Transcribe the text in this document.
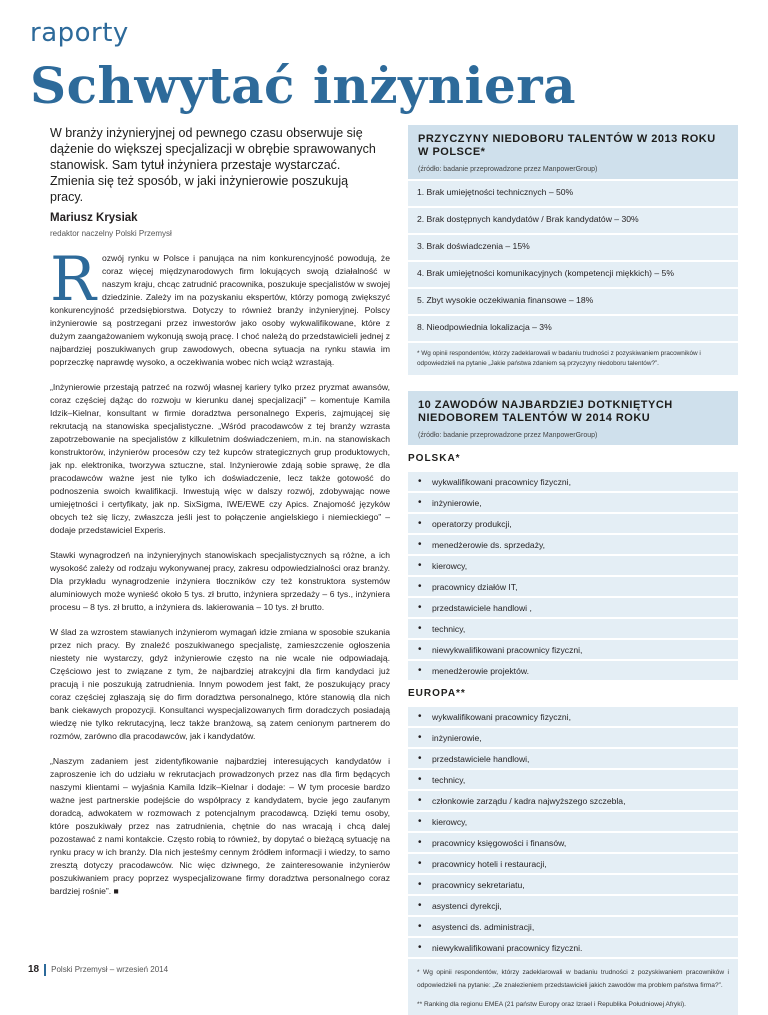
raporty
Schwytać inżyniera
W branży inżynieryjnej od pewnego czasu obserwuje się dążenie do większej specjalizacji w obrębie sprawowanych stanowisk. Sam tytuł inżyniera przestaje wystarczać. Zmienia się też sposób, w jaki inżynierowie poszukują pracy.
Mariusz Krysiak
redaktor naczelny Polski Przemysł

Rozwój rynku w Polsce i panująca na nim konkurencyjność powodują, że coraz więcej międzynarodowych firm lokujących swoją działalność w naszym kraju, chcąc zatrudnić pracownika, poszukuje specjalistów w swojej dziedzinie. Zależy im na pozyskaniu ekspertów, którzy pomogą zwiększyć konkurencyjność przedsiębiorstwa. Dotyczy to również branży inżynieryjnej. Polscy inżynierowie są postrzegani przez inwestorów jako osoby wykwalifikowane, które z dużym zaangażowaniem wykonują swoją pracę. I choć należą do przedstawicieli jednej z najbardziej poszukiwanych grup zawodowych, obecna sytuacja na rynku stawia im poprzeczkę naprawdę wysoko, a oczekiwania wobec nich wciąż wzrastają.

„Inżynierowie przestają patrzeć na rozwój własnej kariery tylko przez pryzmat awansów, coraz częściej dążąc do rozwoju w kierunku danej specjalizacji” – komentuje Kamila Idzik–Kielnar, konsultant w firmie doradztwa personalnego Experis, zajmującej się rekrutacją na stanowiska specjalistyczne. „Wśród pracodawców z tej branży wzrasta zapotrzebowanie na specjalistów z kilkuletnim doświadczeniem, m.in. na stanowiskach konstruktorów, inżynierów procesów czy też kupców strategicznych grup produktowych, jak np. elektronika, tworzywa sztuczne, stal. Inżynierowie zdają sobie sprawę, że dla pracodawców ważne jest nie tylko ich doświadczenie, lecz także gotowość do podnoszenia swoich kwalifikacji. Inwestują więc w dalszy rozwój, zdobywając nowe umiejętności i certyfikaty, jak np. SixSigma, IWE/EWE czy Apics. Znajomość języków obcych też się liczy, zwłaszcza jeśli jest to połączenie angielskiego i niemieckiego” – dodaje przedstawiciel Experis.

Stawki wynagrodzeń na inżynieryjnych stanowiskach specjalistycznych są różne, a ich wysokość zależy od rodzaju wykonywanej pracy, zakresu odpowiedzialności oraz branży. Dla przykładu wynagrodzenie inżyniera tłoczników czy też konstruktora systemów aluminiowych może wynieść około 5 tys. zł brutto, inżyniera sprzedaży – 6 tys., inżyniera procesu – 8 tys. zł brutto, a inżyniera ds. lakierowania – 10 tys. zł brutto.

W ślad za wzrostem stawianych inżynierom wymagań idzie zmiana w sposobie szukania przez nich pracy. By znaleźć poszukiwanego specjalistę, zamieszczenie ogłoszenia niestety nie wystarczy, gdyż inżynierowie często na nie wcale nie odpowiadają. Częściowo jest to związane z tym, że najbardziej atrakcyjni dla firm kandydaci już pracują i nie poszukują zatrudnienia. Innym powodem jest fakt, że poszukujący pracy coraz częściej zgłaszają się do firm doradztwa personalnego, które stanowią dla nich bank ciekawych propozycji. Konsultanci wyspecjalizowanych firm doradczych posiadają wiedzę nie tylko rekrutacyjną, lecz także branżową, są zatem cenionym partnerem do rozmów, zarówno dla pracodawców, jak i kandydatów.

„Naszym zadaniem jest zidentyfikowanie najbardziej interesujących kandydatów i zaproszenie ich do udziału w rekrutacjach prowadzonych przez nas dla firm będących naszymi klientami – wyjaśnia Kamila Idzik–Kielnar i dodaje: – W tym procesie bardzo ważne jest partnerskie podejście do współpracy z kandydatem, bycie jego zaufanym doradcą, adwokatem w rozmowach z potencjalnym pracodawcą. Dzięki temu osoby, które poszukiwały przez nas zatrudnienia, chętnie do nas wracają i chcą dalej pozostawać z nami kontakcie. Często robią to również, by dopytać o bieżącą sytuację na rynku pracy w ich branży. Dla nich jesteśmy cennym źródłem informacji i wiedzy, to samo zresztą dotyczy pracodawców. Nic więc dziwnego, że zainteresowanie inżynierów poszukiwaniem pracy poprzez wyspecjalizowane firmy doradztwa personalnego coraz bardziej rośnie”. ■

18 Polski Przemysł – wrzesień 2014
PRZYCZYNY NIEDOBORU TALENTÓW W 2013 ROKU W POLSCE*
(źródło: badanie przeprowadzone przez ManpowerGroup)
1. Brak umiejętności technicznych – 50%
2. Brak dostępnych kandydatów / Brak kandydatów – 30%
3. Brak doświadczenia – 15%
4. Brak umiejętności komunikacyjnych (kompetencji miękkich) – 5%
5. Zbyt wysokie oczekiwania finansowe – 18%
8. Nieodpowiednia lokalizacja – 3%
* Wg opinii respondentów, którzy zadeklarowali w badaniu trudności z pozyskiwaniem pracowników i odpowiedzieli na pytanie „Jakie państwa zdaniem są przyczyny niedoboru talentów?”.
10 ZAWODÓW NAJBARDZIEJ DOTKNIĘTYCH NIEDOBOREM TALENTÓW W 2014 ROKU
(źródło: badanie przeprowadzone przez ManpowerGroup)
POLSKA*
• wykwalifikowani pracownicy fizyczni,
• inżynierowie,
• operatorzy produkcji,
• menedżerowie ds. sprzedaży,
• kierowcy,
• pracownicy działów IT,
• przedstawiciele handlowi ,
• technicy,
• niewykwalifikowani pracownicy fizyczni,
• menedżerowie projektów.
EUROPA**
• wykwalifikowani pracownicy fizyczni,
• inżynierowie,
• przedstawiciele handlowi,
• technicy,
• członkowie zarządu / kadra najwyższego szczebla,
• kierowcy,
• pracownicy księgowości i finansów,
• pracownicy hoteli i restauracji,
• pracownicy sekretariatu,
• asystenci dyrekcji,
• asystenci ds. administracji,
• niewykwalifikowani pracownicy fizyczni.
* Wg opinii respondentów, którzy zadeklarowali w badaniu trudności z pozyskiwaniem pracowników i odpowiedzieli na pytanie: „Ze znalezieniem przedstawicieli jakich zawodów ma problem państwa firma?”.
** Ranking dla regionu EMEA (21 państw Europy oraz Izrael i Republika Południowej Afryki).
